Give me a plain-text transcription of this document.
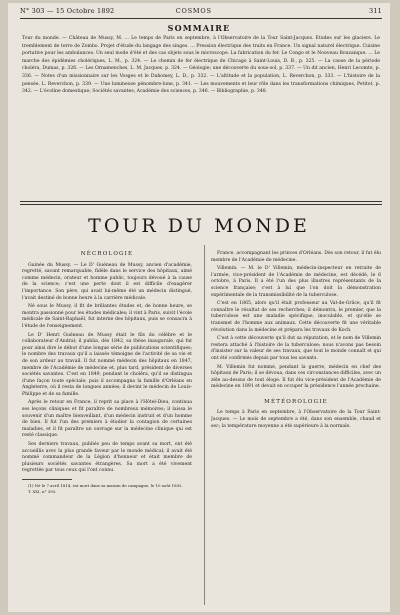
N° 303 — 15 Octobre 1892	COSMOS	311
SOMMAIRE
Tour du monde. — Château de Mussy, M. ... Le temps de Paris en septembre, à l'Observatoire de la Tour Saint-Jacques. Etudes sur les glaciers. Le tremblement de terre de Zombo. Projet d'étude du langage des singes. ... Pression électrique des traits en France. Un signal naturel électrique. Cuisine portative pour les ambulances. Un seul mode d'été et des cas objets sous le microscope. La fabrication du fer. Le Congo et le Nouveau Bouzanque. ... Le marche des épidémies cholériques, L. M., p. 324. — Le chemin de fer électrique de Chicago à Saint-Louis, D. B., p. 325. — La cause de la période choléra, Dumas, p. 326. — Les Ornamenches, L. M. Jacques, p. 324. — Géologie; une découverte du sous-sol, p. 337. — Un dit ancien, Henri Lecomte, p. 336. — Notes d'un missionnaire sur les Vosges et le Dahomey, L. D., p. 332. — L'altitude et la population, L. Reverchon, p. 333. — L'histoire de la pensée, L. Reverchon, p. 339. — Une lumineuse pénombre-lune, p. 341. — Les mouvements et leur rôle dans les transformations chimiques, Petitot, p. 342. — L'écoline domestique; Sociétés savantes; Académie des sciences, p. 346. — Bibliographie, p. 348.
TOUR DU MONDE
NÉCROLOGIE

Guinée du Mussy. — Le D' Guéneau de Mussy, ancien d'académie, regretté, savant remarquable, fidèle dans le service des hôpitaux, aimé comme médecin, orateur et homme public, toujours dévoué à la cause de la science; c'est une perte dont il est difficile d'exagérer l'importance. Son père, qui avait lui-même été un médecin distingué, l'avait destiné de bonne heure à la carrière médicale.

Né sous le Mussy, il fit de brillantes études et, de bonne heure, se montra passionné pour les études médicales; il vint à Paris, suivit l'école médicale de Saint-Raphaël, fut interne des hôpitaux, puis se consacra à l'étude de l'enseignement.

Le D' Henri Guéneau de Mussy était le fils du célèbre et le collaborateur d'Andral; il publia, dès 1842, sa thèse inaugurale, qui fut pour ainsi dire le début d'une longue série de publications scientifiques; le nombre des travaux qu'il a laissés témoigne de l'activité de sa vie et de son ardeur au travail. Il fut nommé médecin des hôpitaux en 1847, membre de l'Académie de médecine et, plus tard, président de diverses sociétés savantes. C'est en 1849, pendant le choléra, qu'il se distingua d'une façon toute spéciale; puis il accompagna la famille d'Orléans en Angleterre, où il resta de longues années; il devint le médecin de Louis-Philippe et de sa famille.

Après le retour en France, il reprit sa place à l'Hôtel-Dieu, continua ses leçons cliniques et fit paraître de nombreux mémoires; il laissa le souvenir d'un maître bienveillant, d'un médecin instruit et d'un homme de bien. Il fut l'un des premiers à étudier la contagion de certaines maladies, et il fit paraître un ouvrage sur la médecine clinique qui est resté classique.

Ses derniers travaux, publiés peu de temps avant sa mort, ont été accueillis avec la plus grande faveur par le monde médical; il avait été nommé commandeur de la Légion d'honneur et était membre de plusieurs sociétés savantes étrangères. Sa mort a été vivement regrettée par tous ceux qui l'ont connu.

(1) Né le 7 avril 1814, est mort dans sa maison de campagne, le 10 août 1892.

T. XXI, n° 393.

France, accompagnant les princes d'Orléans. Dès son retour, il fut élu membre de l'Académie de médecine.

Villemin. — M. le D' Villemin, médecin-inspecteur en retraite de l'armée, vice-président de l'Académie de médecine, est décédé, le 6 octobre, à Paris. Il a été l'un des plus illustres représentants de la science française; c'est à lui que l'on doit la démonstration expérimentale de la transmissibilité de la tuberculose.

C'est en 1865, alors qu'il était professeur au Val-de-Grâce, qu'il fit connaître le résultat de ses recherches; il démontra, le premier, que la tuberculose est une maladie spécifique, inoculable, et qu'elle se transmet de l'homme aux animaux. Cette découverte fit une véritable révolution dans la médecine et prépara les travaux de Koch.

C'est à cette découverte qu'il dut sa réputation, et le nom de Villemin restera attaché à l'histoire de la tuberculose; nous n'avons pas besoin d'insister sur la valeur de ses travaux, que tout le monde connaît et qui ont été confirmés depuis par tous les savants.

M. Villemin fut nommé, pendant la guerre, médecin en chef des hôpitaux de Paris; il se dévoua, dans ces circonstances difficiles, avec un zèle au-dessus de tout éloge. Il fut élu vice-président de l'Académie de médecine en 1891 et devait en occuper la présidence l'année prochaine.

MÉTÉOROLOGIE

Le temps à Paris en septembre, à l'Observatoire de la Tour Saint-Jacques. — Le mois de septembre a été, dans son ensemble, chaud et sec; la température moyenne a été supérieure à la normale.
